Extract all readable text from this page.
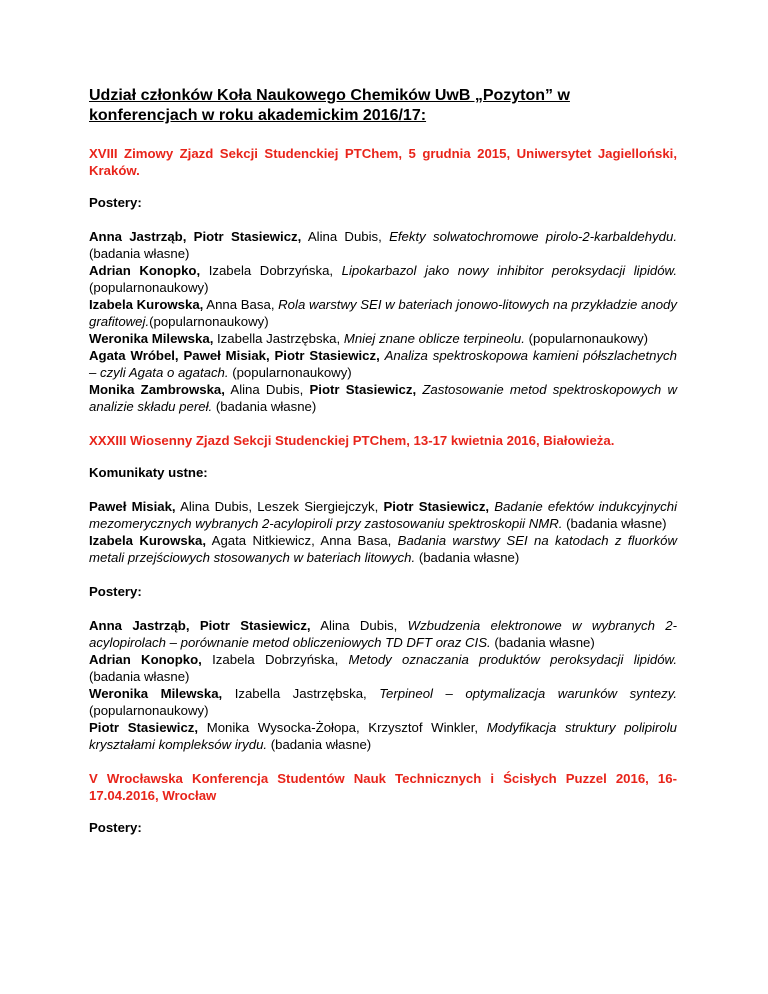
Udział członków Koła Naukowego Chemików UwB „Pozyton” w konferencjach w roku akademickim 2016/17:

XVIII Zimowy Zjazd Sekcji Studenckiej PTChem, 5 grudnia 2015, Uniwersytet Jagielloński, Kraków.

Postery:

Anna Jastrząb, Piotr Stasiewicz, Alina Dubis, Efekty solwatochromowe pirolo-2-karbaldehydu. (badania własne)

Adrian Konopko, Izabela Dobrzyńska, Lipokarbazol jako nowy inhibitor peroksydacji lipidów. (popularnonaukowy)

Izabela Kurowska, Anna Basa, Rola warstwy SEI w bateriach jonowo-litowych na przykładzie anody grafitowej.(popularnonaukowy)

Weronika Milewska, Izabella Jastrzębska, Mniej znane oblicze terpineolu. (popularnonaukowy)

Agata Wróbel, Paweł Misiak, Piotr Stasiewicz, Analiza spektroskopowa kamieni półszlachetnych – czyli Agata o agatach. (popularnonaukowy)

Monika Zambrowska, Alina Dubis, Piotr Stasiewicz, Zastosowanie metod spektroskopowych w analizie składu pereł. (badania własne)

XXXIII Wiosenny Zjazd Sekcji Studenckiej PTChem, 13-17 kwietnia 2016, Białowieża.

Komunikaty ustne:

Paweł Misiak, Alina Dubis, Leszek Siergiejczyk, Piotr Stasiewicz, Badanie efektów indukcyjnychi mezomerycznych wybranych 2-acylopiroli przy zastosowaniu spektroskopii NMR. (badania własne)

Izabela Kurowska, Agata Nitkiewicz, Anna Basa, Badania warstwy SEI na katodach z fluorków metali przejściowych stosowanych w bateriach litowych. (badania własne)

Postery:

Anna Jastrząb, Piotr Stasiewicz, Alina Dubis, Wzbudzenia elektronowe w wybranych 2-acylopirolach – porównanie metod obliczeniowych TD DFT oraz CIS. (badania własne)

Adrian Konopko, Izabela Dobrzyńska, Metody oznaczania produktów peroksydacji lipidów. (badania własne)

Weronika Milewska, Izabella Jastrzębska, Terpineol – optymalizacja warunków syntezy. (popularnonaukowy)

Piotr Stasiewicz, Monika Wysocka-Żołopa, Krzysztof Winkler, Modyfikacja struktury polipirolu kryształami kompleksów irydu. (badania własne)

V Wrocławska Konferencja Studentów Nauk Technicznych i Ścisłych Puzzel 2016, 16-17.04.2016, Wrocław

Postery:
